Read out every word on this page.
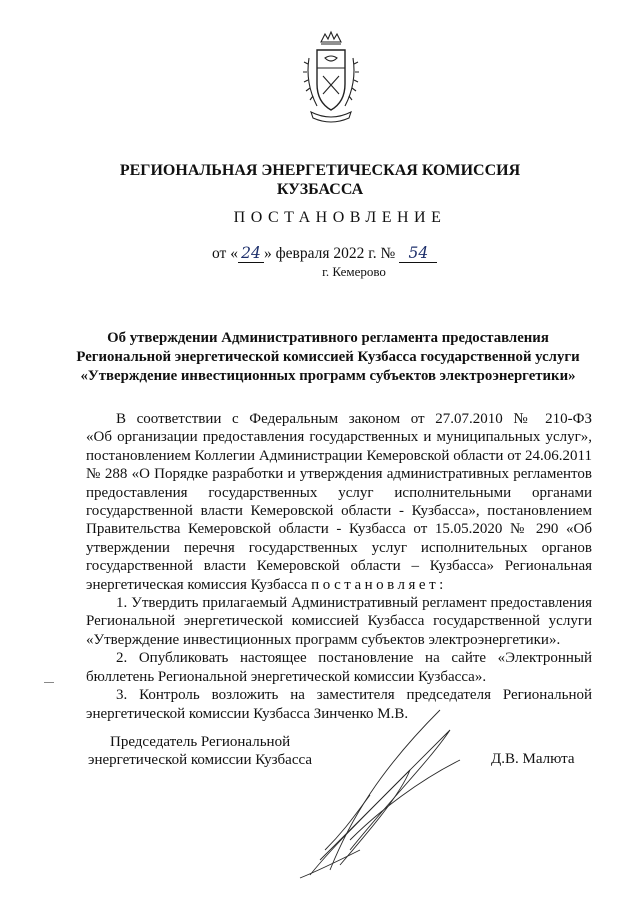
РЕГИОНАЛЬНАЯ ЭНЕРГЕТИЧЕСКАЯ КОМИССИЯ
КУЗБАССА
ПОСТАНОВЛЕНИЕ
от « 24 » февраля 2022 г. № 54
г. Кемерово
Об утверждении Административного регламента предоставления
Региональной энергетической комиссией Кузбасса государственной услуги
«Утверждение инвестиционных программ субъектов электроэнергетики»

В соответствии с Федеральным законом от 27.07.2010 № 210-ФЗ

«Об организации предоставления государственных и муниципальных услуг»,

постановлением Коллегии Администрации Кемеровской области от 24.06.2011

№ 288 «О Порядке разработки и утверждения административных регламентов

предоставления государственных услуг исполнительными органами

государственной власти Кемеровской области - Кузбасса», постановлением

Правительства Кемеровской области - Кузбасса от 15.05.2020 № 290 «Об

утверждении перечня государственных услуг исполнительных органов

государственной власти Кемеровской области – Кузбасса» Региональная

энергетическая комиссия Кузбасса постановляет:

1. Утвердить прилагаемый Административный регламент предоставления

Региональной энергетической комиссией Кузбасса государственной услуги

«Утверждение инвестиционных программ субъектов электроэнергетики».

2. Опубликовать настоящее постановление на сайте «Электронный

бюллетень Региональной энергетической комиссии Кузбасса».

3. Контроль возложить на заместителя председателя Региональной

энергетической комиссии Кузбасса Зинченко М.В.

Председатель Региональной
энергетической комиссии Кузбасса	Д.В. Малюта
